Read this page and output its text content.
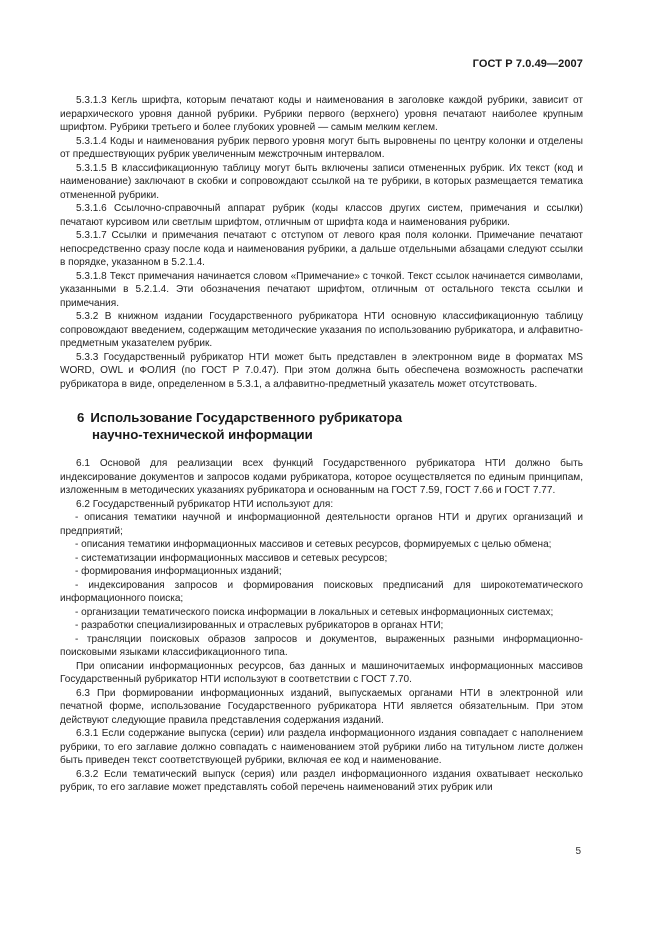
ГОСТ Р 7.0.49—2007

5.3.1.3 Кегль шрифта, которым печатают коды и наименования в заголовке каждой рубрики, зависит от иерархического уровня данной рубрики. Рубрики первого (верхнего) уровня печатают наиболее крупным шрифтом. Рубрики третьего и более глубоких уровней — самым мелким кеглем.

5.3.1.4 Коды и наименования рубрик первого уровня могут быть выровнены по центру колонки и отделены от предшествующих рубрик увеличенным межстрочным интервалом.

5.3.1.5 В классификационную таблицу могут быть включены записи отмененных рубрик. Их текст (код и наименование) заключают в скобки и сопровождают ссылкой на те рубрики, в которых размещается тематика отмененной рубрики.

5.3.1.6 Ссылочно-справочный аппарат рубрик (коды классов других систем, примечания и ссылки) печатают курсивом или светлым шрифтом, отличным от шрифта кода и наименования рубрики.

5.3.1.7 Ссылки и примечания печатают с отступом от левого края поля колонки. Примечание печатают непосредственно сразу после кода и наименования рубрики, а дальше отдельными абзацами следуют ссылки в порядке, указанном в 5.2.1.4.

5.3.1.8 Текст примечания начинается словом «Примечание» с точкой. Текст ссылок начинается символами, указанными в 5.2.1.4. Эти обозначения печатают шрифтом, отличным от остального текста ссылки и примечания.

5.3.2 В книжном издании Государственного рубрикатора НТИ основную классификационную таблицу сопровождают введением, содержащим методические указания по использованию рубрикатора, и алфавитно-предметным указателем рубрик.

5.3.3 Государственный рубрикатор НТИ может быть представлен в электронном виде в форматах MS WORD, OWL и ФОЛИЯ (по ГОСТ Р 7.0.47). При этом должна быть обеспечена возможность распечатки рубрикатора в виде, определенном в 5.3.1, а алфавитно-предметный указатель может отсутствовать.

6 Использование Государственного рубрикатора
научно-технической информации

6.1 Основой для реализации всех функций Государственного рубрикатора НТИ должно быть индексирование документов и запросов кодами рубрикатора, которое осуществляется по единым принципам, изложенным в методических указаниях рубрикатора и основанным на ГОСТ 7.59, ГОСТ 7.66 и ГОСТ 7.77.

6.2 Государственный рубрикатор НТИ используют для:

- описания тематики научной и информационной деятельности органов НТИ и других организаций и предприятий;

- описания тематики информационных массивов и сетевых ресурсов, формируемых с целью обмена;

- систематизации информационных массивов и сетевых ресурсов;

- формирования информационных изданий;

- индексирования запросов и формирования поисковых предписаний для широкотематического информационного поиска;

- организации тематического поиска информации в локальных и сетевых информационных системах;

- разработки специализированных и отраслевых рубрикаторов в органах НТИ;

- трансляции поисковых образов запросов и документов, выраженных разными информационно-поисковыми языками классификационного типа.

При описании информационных ресурсов, баз данных и машиночитаемых информационных массивов Государственный рубрикатор НТИ используют в соответствии с ГОСТ 7.70.

6.3 При формировании информационных изданий, выпускаемых органами НТИ в электронной или печатной форме, использование Государственного рубрикатора НТИ является обязательным. При этом действуют следующие правила представления содержания изданий.

6.3.1 Если содержание выпуска (серии) или раздела информационного издания совпадает с наполнением рубрики, то его заглавие должно совпадать с наименованием этой рубрики либо на титульном листе должен быть приведен текст соответствующей рубрики, включая ее код и наименование.

6.3.2 Если тематический выпуск (серия) или раздел информационного издания охватывает несколько рубрик, то его заглавие может представлять собой перечень наименований этих рубрик или

5
